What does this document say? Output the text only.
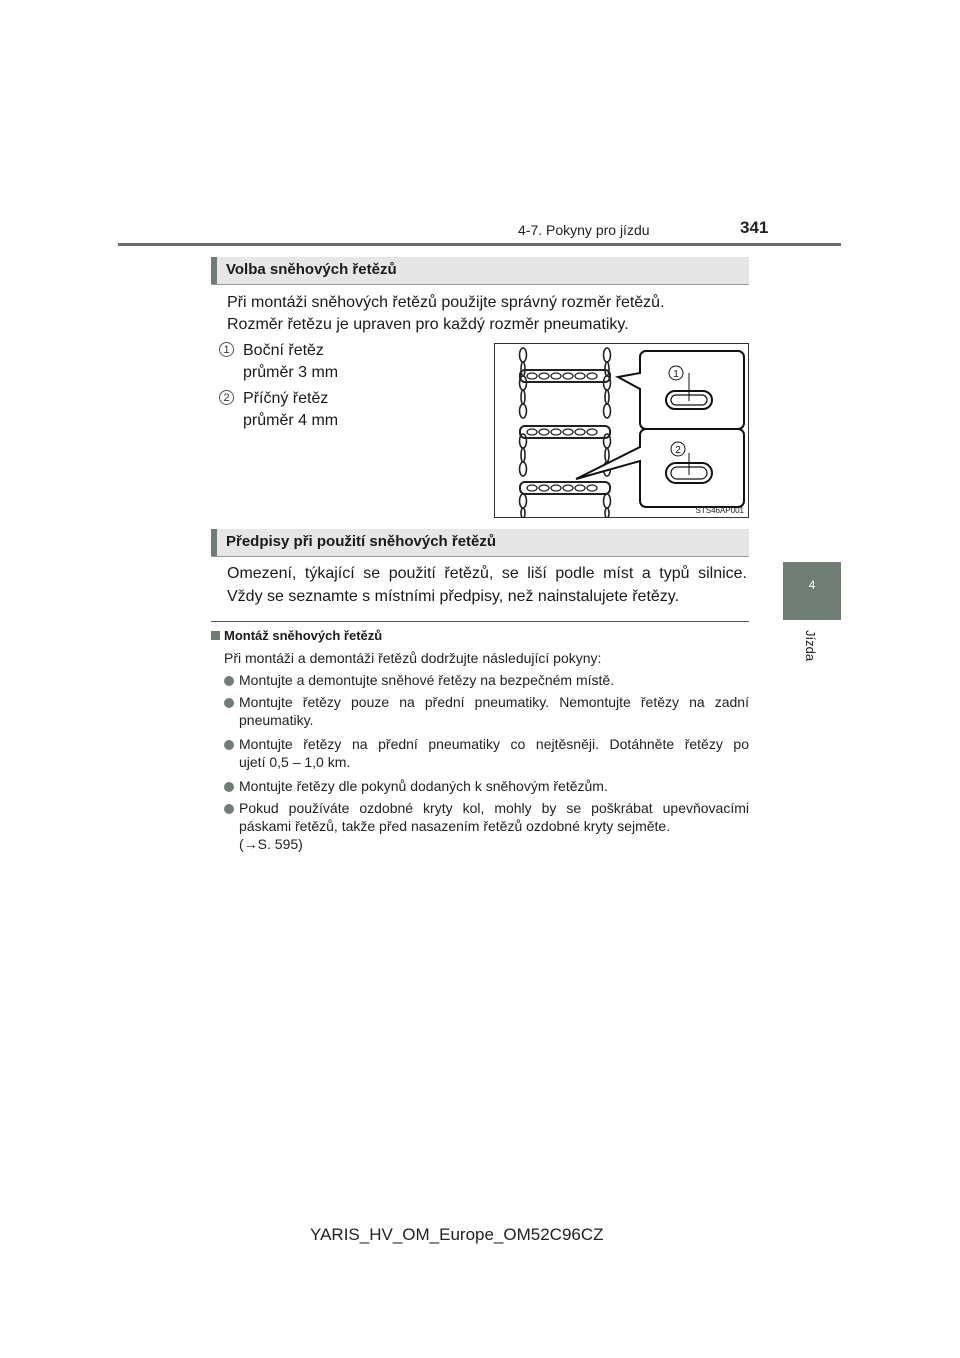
4-7. Pokyny pro jízdu	341
4
Jízda
Volba sněhových řetězů
Při montáži sněhových řetězů použijte správný rozměr řetězů.
Rozměr řetězu je upraven pro každý rozměr pneumatiky.
1 Boční řetěz
průměr 3 mm
2 Příčný řetěz
průměr 4 mm
1
2
STS46AP001
Předpisy při použití sněhových řetězů
Omezení, týkající se použití řetězů, se liší podle míst a typů silnice.
Vždy se seznamte s místními předpisy, než nainstalujete řetězy.
Montáž sněhových řetězů
Při montáži a demontáži řetězů dodržujte následující pokyny:
Montujte a demontujte sněhové řetězy na bezpečném místě.
Montujte řetězy pouze na přední pneumatiky. Nemontujte řetězy na zadní
pneumatiky.
Montujte řetězy na přední pneumatiky co nejtěsněji. Dotáhněte řetězy po
ujetí 0,5 – 1,0 km.
Montujte řetězy dle pokynů dodaných k sněhovým řetězům.
Pokud používáte ozdobné kryty kol, mohly by se poškrábat upevňovacími
páskami řetězů, takže před nasazením řetězů ozdobné kryty sejměte.
(→S. 595)
YARIS_HV_OM_Europe_OM52C96CZ
